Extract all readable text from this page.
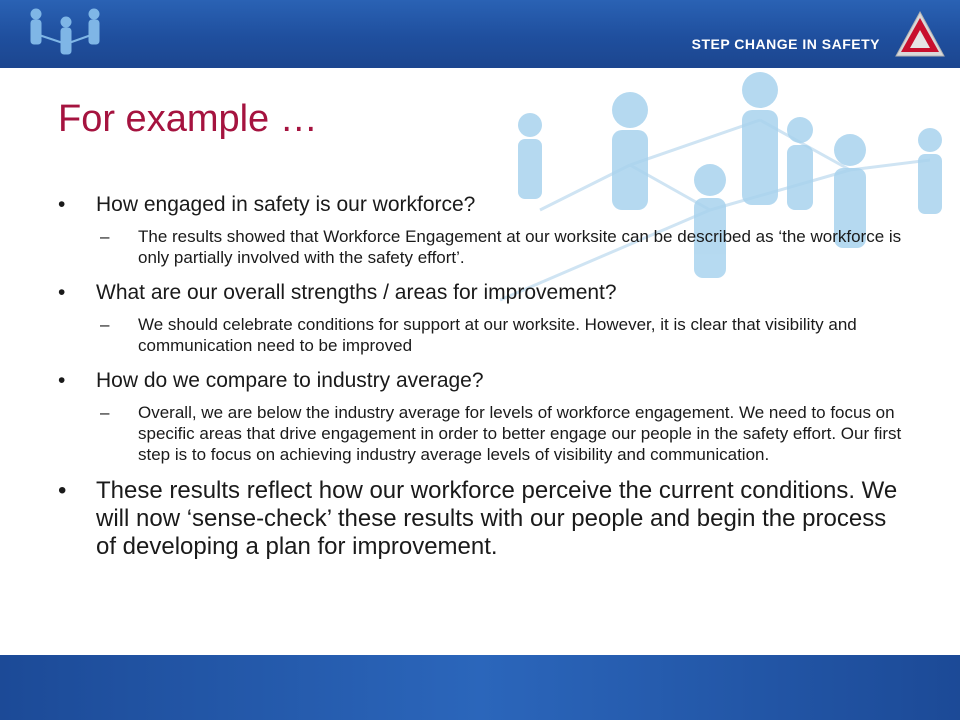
STEP CHANGE IN SAFETY
For example …
• How engaged in safety is our workforce?
– The results showed that Workforce Engagement at our worksite can be described as ‘the workforce is only partially involved with the safety effort’.
• What are our overall strengths / areas for improvement?
– We should celebrate conditions for support at our worksite. However, it is clear that visibility and communication need to be improved
• How do we compare to industry average?
– Overall, we are below the industry average for levels of workforce engagement. We need to focus on specific areas that drive engagement in order to better engage our people in the safety effort. Our first step is to focus on achieving industry average levels of visibility and communication.
• These results reflect how our workforce perceive the current conditions. We will now ‘sense-check’ these results with our people and begin the process of developing a plan for improvement.
